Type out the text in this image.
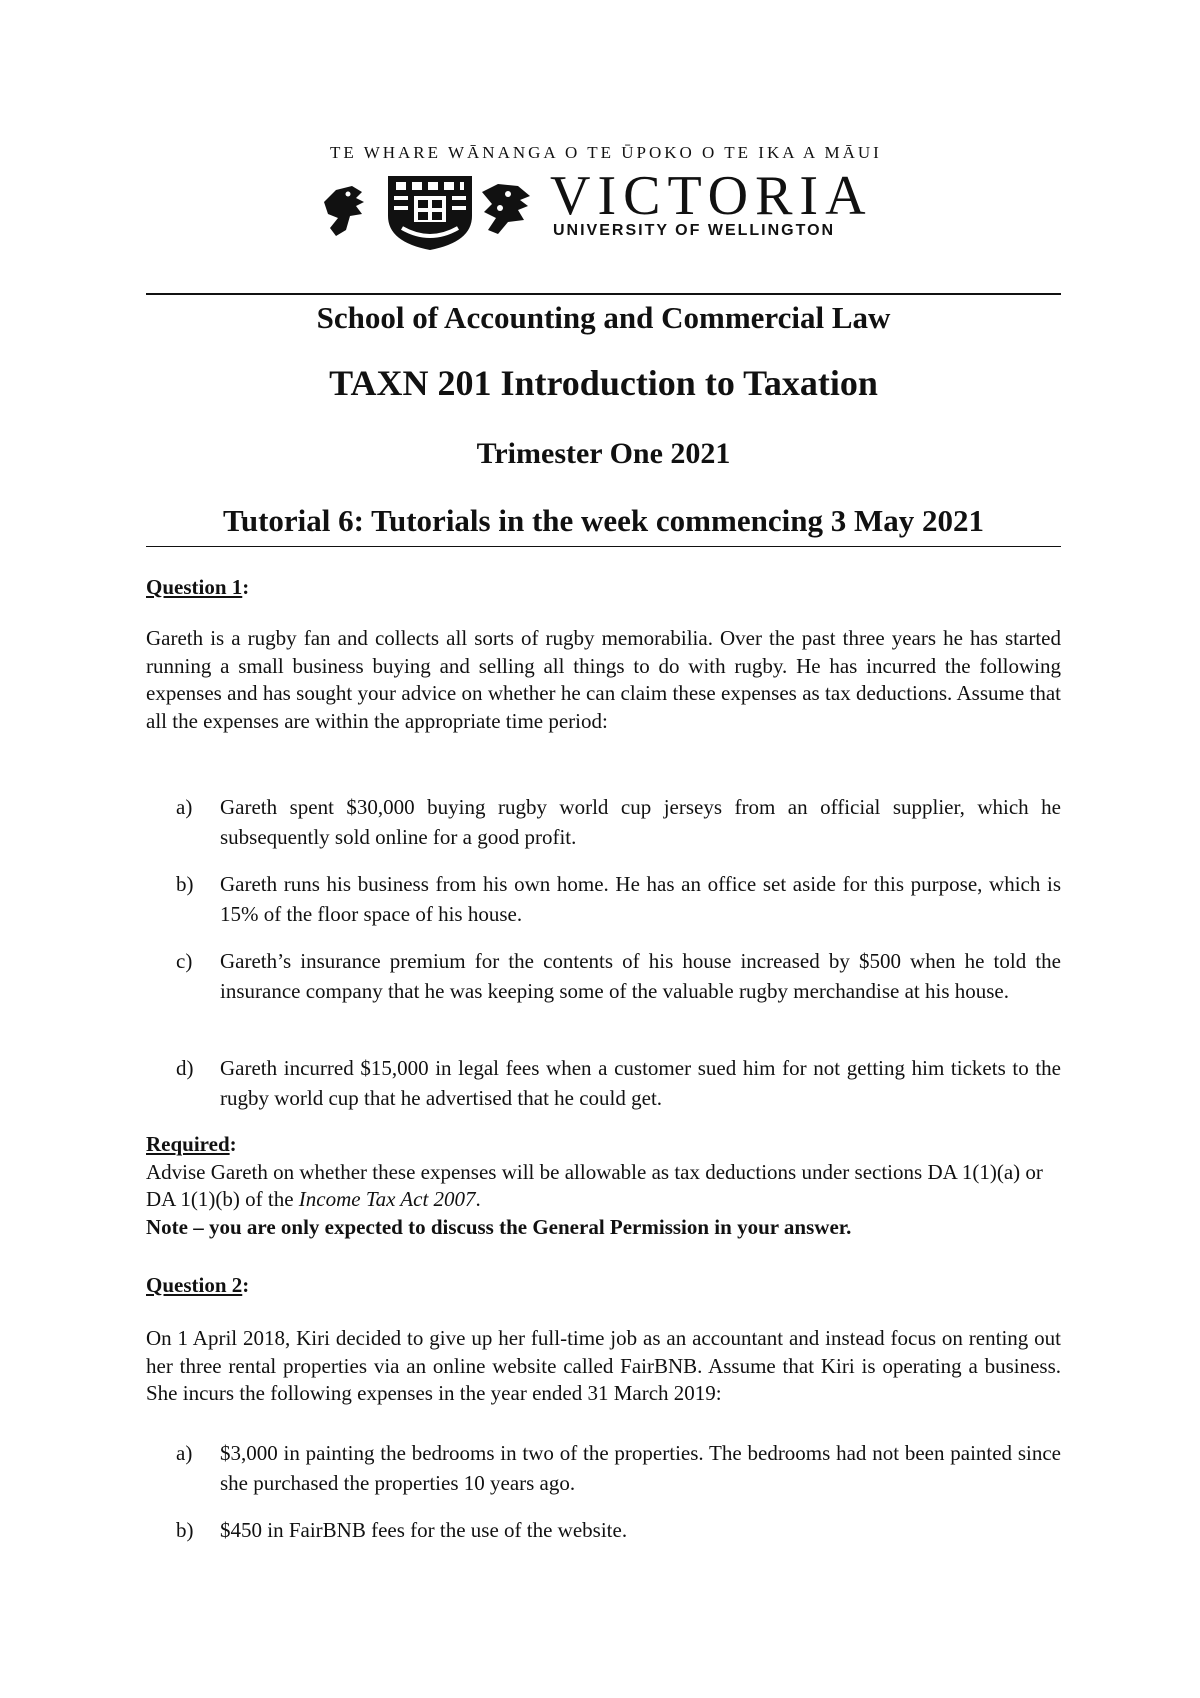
TE WHARE WĀNANGA O TE ŪPOKO O TE IKA A MĀUI
VICTORIA
UNIVERSITY OF WELLINGTON
School of Accounting and Commercial Law
TAXN 201 Introduction to Taxation
Trimester One 2021
Tutorial 6: Tutorials in the week commencing 3 May 2021

Question 1:

Gareth is a rugby fan and collects all sorts of rugby memorabilia. Over the past three years he has started running a small business buying and selling all things to do with rugby. He has incurred the following expenses and has sought your advice on whether he can claim these expenses as tax deductions. Assume that all the expenses are within the appropriate time period:

a)	Gareth spent $30,000 buying rugby world cup jerseys from an official supplier, which he subsequently sold online for a good profit.
b)	Gareth runs his business from his own home. He has an office set aside for this purpose, which is 15% of the floor space of his house.
c)	Gareth’s insurance premium for the contents of his house increased by $500 when he told the insurance company that he was keeping some of the valuable rugby merchandise at his house.
d)	Gareth incurred $15,000 in legal fees when a customer sued him for not getting him tickets to the rugby world cup that he advertised that he could get.

Required:
Advise Gareth on whether these expenses will be allowable as tax deductions under sections DA 1(1)(a) or DA 1(1)(b) of the Income Tax Act 2007.
Note – you are only expected to discuss the General Permission in your answer.

Question 2:

On 1 April 2018, Kiri decided to give up her full-time job as an accountant and instead focus on renting out her three rental properties via an online website called FairBNB. Assume that Kiri is operating a business. She incurs the following expenses in the year ended 31 March 2019:

a)	$3,000 in painting the bedrooms in two of the properties. The bedrooms had not been painted since she purchased the properties 10 years ago.
b)	$450 in FairBNB fees for the use of the website.
